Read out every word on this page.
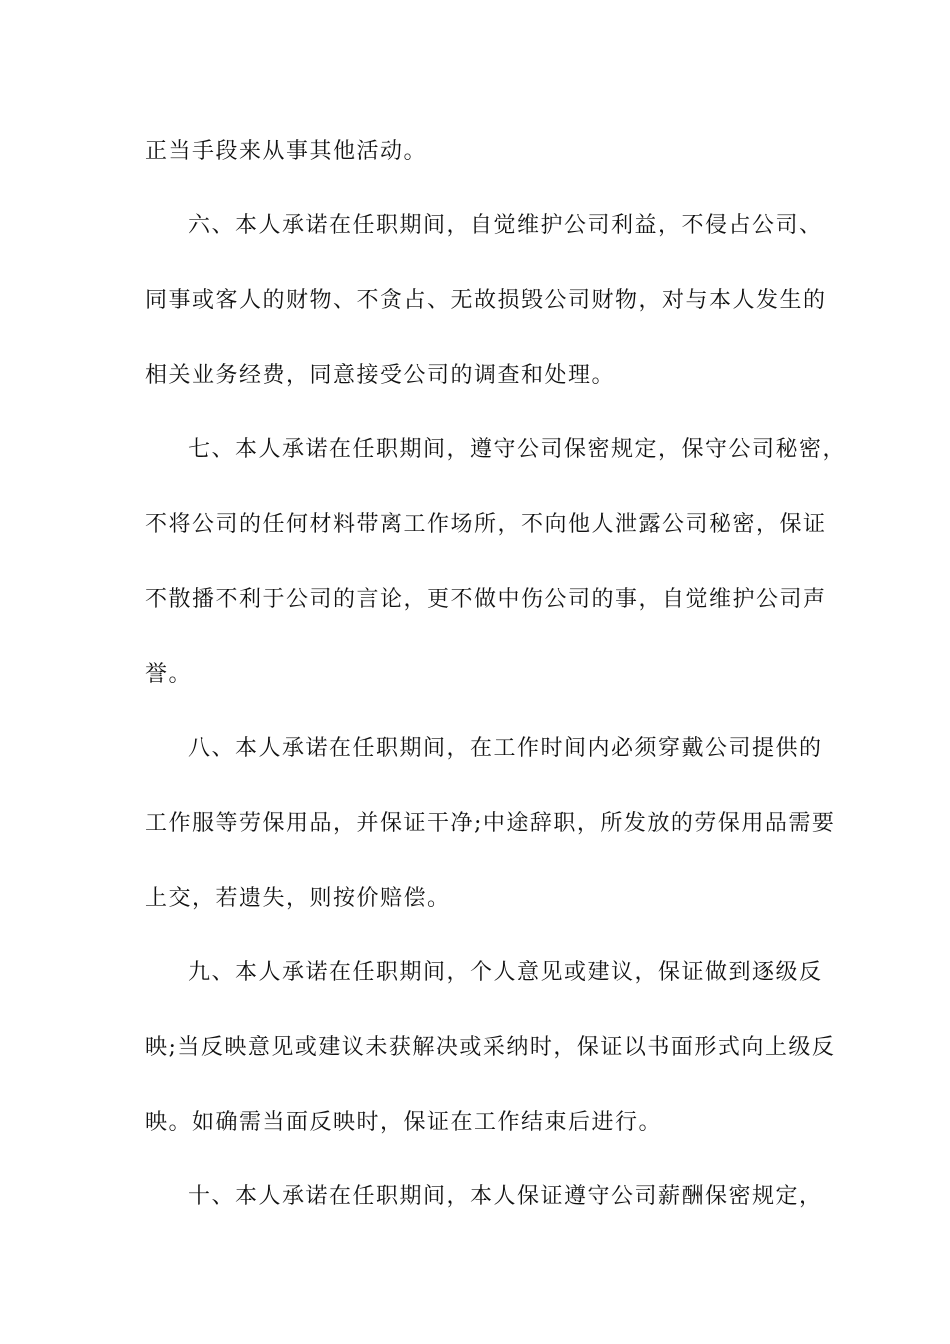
正当手段来从事其他活动。
六、本人承诺在任职期间，自觉维护公司利益，不侵占公司、
同事或客人的财物、不贪占、无故损毁公司财物，对与本人发生的
相关业务经费，同意接受公司的调查和处理。
七、本人承诺在任职期间，遵守公司保密规定，保守公司秘密，
不将公司的任何材料带离工作场所，不向他人泄露公司秘密，保证
不散播不利于公司的言论，更不做中伤公司的事，自觉维护公司声
誉。
八、本人承诺在任职期间，在工作时间内必须穿戴公司提供的
工作服等劳保用品，并保证干净;中途辞职，所发放的劳保用品需要
上交，若遗失，则按价赔偿。
九、本人承诺在任职期间，个人意见或建议，保证做到逐级反
映;当反映意见或建议未获解决或采纳时，保证以书面形式向上级反
映。如确需当面反映时，保证在工作结束后进行。
十、本人承诺在任职期间，本人保证遵守公司薪酬保密规定，
